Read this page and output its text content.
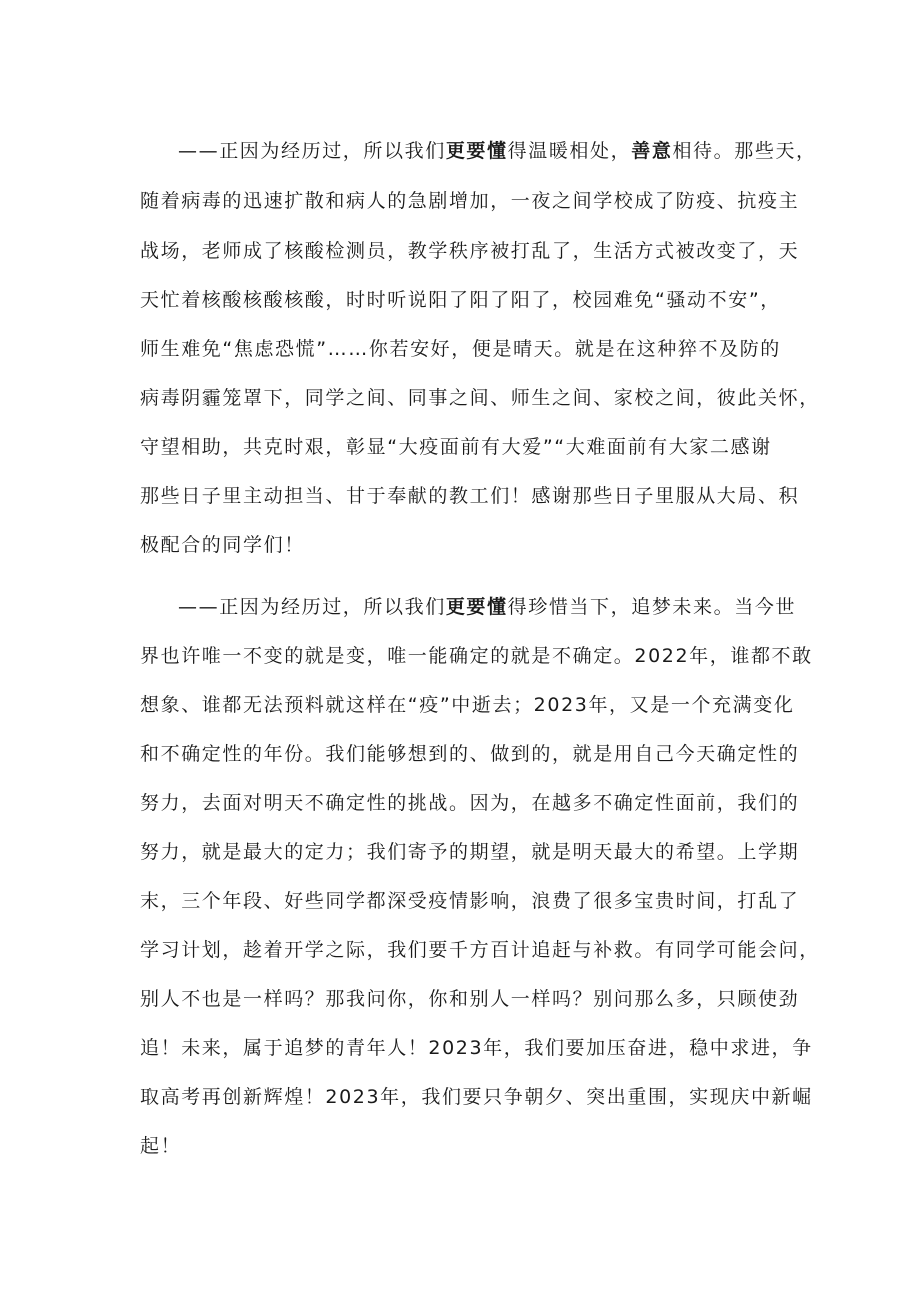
——正因为经历过，所以我们更要懂得温暖相处，善意相待。那些天，
随着病毒的迅速扩散和病人的急剧增加，一夜之间学校成了防疫、抗疫主
战场，老师成了核酸检测员，教学秩序被打乱了，生活方式被改变了，天
天忙着核酸核酸核酸，时时听说阳了阳了阳了，校园难免“骚动不安”，
师生难免“焦虑恐慌”……你若安好，便是晴天。就是在这种猝不及防的
病毒阴霾笼罩下，同学之间、同事之间、师生之间、家校之间，彼此关怀，
守望相助，共克时艰，彰显“大疫面前有大爱”“大难面前有大家二感谢
那些日子里主动担当、甘于奉献的教工们！感谢那些日子里服从大局、积
极配合的同学们！
——正因为经历过，所以我们更要懂得珍惜当下，追梦未来。当今世
界也许唯一不变的就是变，唯一能确定的就是不确定。2022年，谁都不敢
想象、谁都无法预料就这样在“疫”中逝去；2023年，又是一个充满变化
和不确定性的年份。我们能够想到的、做到的，就是用自己今天确定性的
努力，去面对明天不确定性的挑战。因为，在越多不确定性面前，我们的
努力，就是最大的定力；我们寄予的期望，就是明天最大的希望。上学期
末，三个年段、好些同学都深受疫情影响，浪费了很多宝贵时间，打乱了
学习计划，趁着开学之际，我们要千方百计追赶与补救。有同学可能会问，
别人不也是一样吗？那我问你，你和别人一样吗？别问那么多，只顾使劲
追！未来，属于追梦的青年人！2023年，我们要加压奋进，稳中求进，争
取高考再创新辉煌！2023年，我们要只争朝夕、突出重围，实现庆中新崛
起！
